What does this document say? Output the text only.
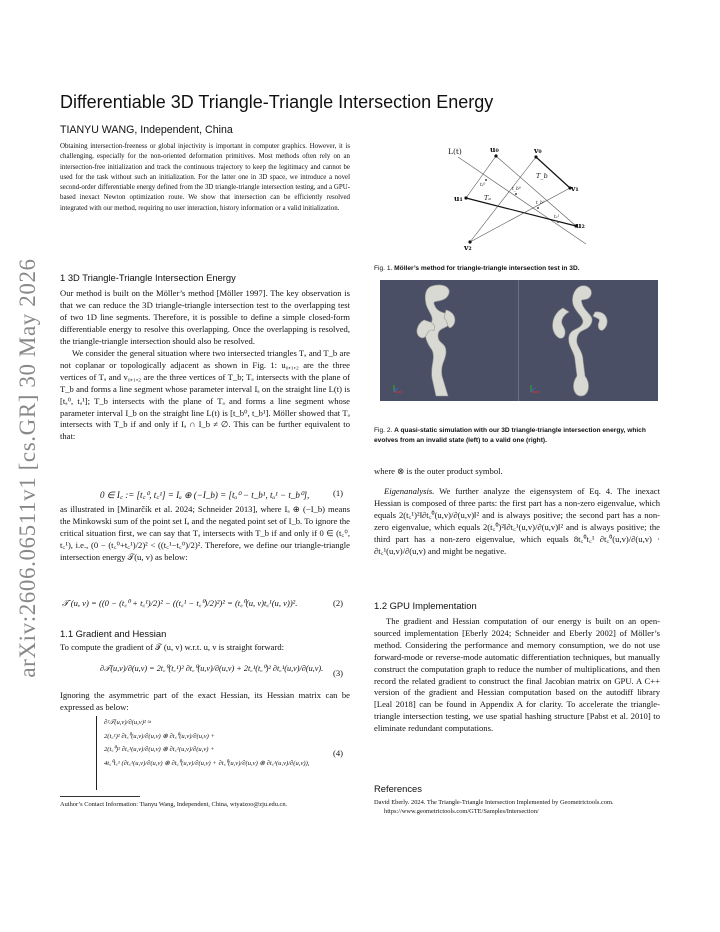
arXiv:2606.06511v1 [cs.GR] 30 May 2026
Differentiable 3D Triangle-Triangle Intersection Energy
TIANYU WANG, Independent, China
Obtaining intersection-freeness or global injectivity is important in computer graphics. However, it is challenging, especially for the non-oriented deformation primitives. Most methods often rely on an intersection-free initialization and track the continuous trajectory to keep the legitimacy and cannot be used for the task without such an initialization. For the latter one in 3D space, we introduce a novel second-order differentiable energy defined from the 3D triangle-triangle intersection testing, and a GPU-based inexact Newton optimization route. We show that intersection can be efficiently resolved integrated with our method, requiring no user interaction, history information or a valid initialization.
1 3D Triangle-Triangle Intersection Energy
Our method is built on the Möller’s method [Möller 1997]. The key observation is that we can reduce the 3D triangle-triangle intersection test to the overlapping test of two 1D line segments. Therefore, it is possible to define a simple closed-form differentiable energy to resolve this overlapping. Once the overlapping is resolved, the triangle-triangle intersection should also be resolved.
We consider the general situation where two intersected triangles Tₐ and T_b are not coplanar or topologically adjacent as shown in Fig. 1: u₀,₁,₂ are the three vertices of Tₐ and v₀,₁,₂ are the three vertices of T_b; Tₐ intersects with the plane of T_b and forms a line segment whose parameter interval Iₐ on the straight line L(t) is [tₐ⁰, tₐ¹]; T_b intersects with the plane of Tₐ and forms a line segment whose parameter interval I_b on the straight line L(t) is [t_b⁰, t_b¹]. Möller showed that Tₐ intersects with T_b if and only if Iₐ ∩ I_b ≠ ∅. This can be further equivalent to that:
0 ∈ I꜀ := [t꜀⁰, t꜀¹] = Iₐ ⊕ (−I_b) = [tₐ⁰ − t_b¹, tₐ¹ − t_b⁰],	(1)
as illustrated in [Minarčík et al. 2024; Schneider 2013], where Iₐ ⊕ (−I_b) means the Minkowski sum of the point set Iₐ and the negated point set of I_b. To ignore the critical situation first, we can say that Tₐ intersects with T_b if and only if 0 ∈ (t꜀⁰, t꜀¹), i.e., (0 − (t꜀⁰+t꜀¹)/2)² < ((t꜀¹−t꜀⁰)/2)². Therefore, we define our triangle-triangle intersection energy 𝒯(u, v) as below:
𝒯 (u, v) = ((0 − (t꜀⁰ + t꜀¹)/2)² − ((t꜀¹ − t꜀⁰)/2)²)² = (t꜀⁰(u, v)t꜀¹(u, v))².	(2)
1.1 Gradient and Hessian
To compute the gradient of 𝒯 (u, v) w.r.t. u, v is straight forward:
∂𝒯(u,v)/∂(u,v) = 2t꜀⁰(t꜀¹)² ∂t꜀⁰(u,v)/∂(u,v) + 2t꜀¹(t꜀⁰)² ∂t꜀¹(u,v)/∂(u,v).	(3)
Ignoring the asymmetric part of the exact Hessian, its Hessian matrix can be expressed as below:
∂²𝒯(u,v)/∂(u,v)² ≈
2(t꜀¹)² ∂t꜀⁰(u,v)/∂(u,v) ⊗ ∂t꜀⁰(u,v)/∂(u,v) +
2(t꜀⁰)² ∂t꜀¹(u,v)/∂(u,v) ⊗ ∂t꜀¹(u,v)/∂(u,v) +
4t꜀⁰t꜀¹ (∂t꜀¹(u,v)/∂(u,v) ⊗ ∂t꜀⁰(u,v)/∂(u,v) + ∂t꜀⁰(u,v)/∂(u,v) ⊗ ∂t꜀¹(u,v)/∂(u,v)),
(4)
Author’s Contact Information: Tianyu Wang, Independent, China, wtyatzoo@zju.edu.cn.
L(t)	u₀
u₁
u₂
v₀
v₁
v₂
Tₐ
T_b
tₐ⁰
t_b⁰
t_b¹
tₐ¹
Fig. 1. Möller’s method for triangle-triangle intersection test in 3D.
Fig. 2. A quasi-static simulation with our 3D triangle-triangle intersection energy, which evolves from an invalid state (left) to a valid one (right).
where ⊗ is the outer product symbol.
Eigenanalysis. We further analyze the eigensystem of Eq. 4. The inexact Hessian is composed of three parts: the first part has a non-zero eigenvalue, which equals 2(t꜀¹)²‖∂t꜀⁰(u,v)/∂(u,v)‖² and is always positive; the second part has a non-zero eigenvalue, which equals 2(t꜀⁰)²‖∂t꜀¹(u,v)/∂(u,v)‖² and is always positive; the third part has a non-zero eigenvalue, which equals 8t꜀⁰t꜀¹ ∂t꜀⁰(u,v)/∂(u,v) · ∂t꜀¹(u,v)/∂(u,v) and might be negative.
1.2 GPU Implementation
The gradient and Hessian computation of our energy is built on an open-sourced implementation [Eberly 2024; Schneider and Eberly 2002] of Möller’s method. Considering the performance and memory consumption, we do not use forward-mode or reverse-mode automatic differentiation techniques, but manually construct the computation graph to reduce the number of multiplications, and then record the related gradient to construct the final Jacobian matrix on GPU. A C++ version of the gradient and Hessian computation based on the autodiff library [Leal 2018] can be found in Appendix A for clarity. To accelerate the triangle-triangle intersection testing, we use spatial hashing structure [Pabst et al. 2010] to eliminate redundant computations.
References
David Eberly. 2024. The Triangle-Triangle Intersection Implemented by Geometrictools.com. https://www.geometrictools.com/GTE/Samples/Intersection/
